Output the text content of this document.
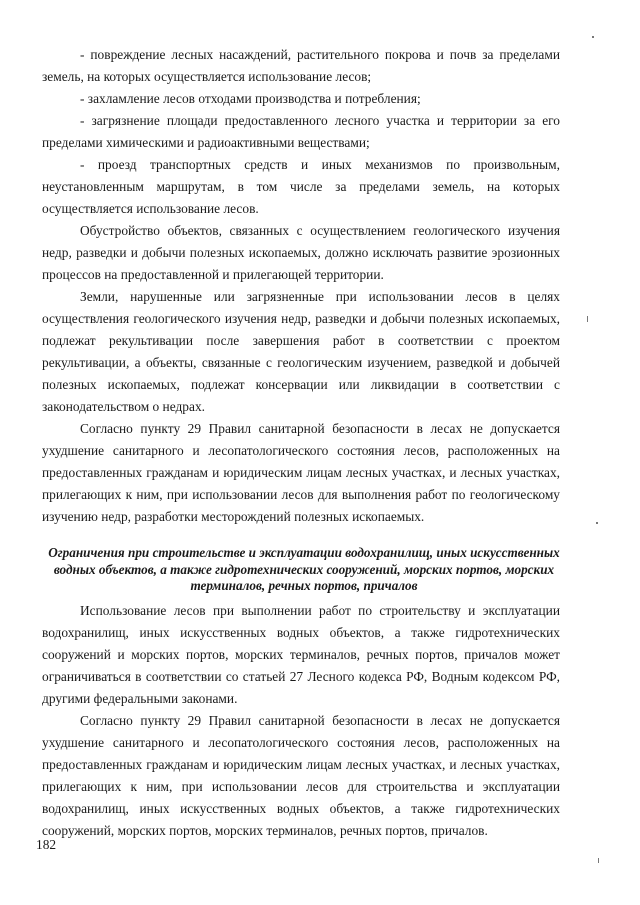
- повреждение лесных насаждений, растительного покрова и почв за пределами земель, на которых осуществляется использование лесов;

- захламление лесов отходами производства и потребления;

- загрязнение площади предоставленного лесного участка и территории за его пределами химическими и радиоактивными веществами;

- проезд транспортных средств и иных механизмов по произвольным, неустановленным маршрутам, в том числе за пределами земель, на которых осуществляется использование лесов.

Обустройство объектов, связанных с осуществлением геологического изучения недр, разведки и добычи полезных ископаемых, должно исключать развитие эрозионных процессов на предоставленной и прилегающей территории.

Земли, нарушенные или загрязненные при использовании лесов в целях осуществления геологического изучения недр, разведки и добычи полезных ископаемых, подлежат рекультивации после завершения работ в соответствии с проектом рекультивации, а объекты, связанные с геологическим изучением, разведкой и добычей полезных ископаемых, подлежат консервации или ликвидации в соответствии с законодательством о недрах.

Согласно пункту 29 Правил санитарной безопасности в лесах не допускается ухудшение санитарного и лесопатологического состояния лесов, расположенных на предоставленных гражданам и юридическим лицам лесных участках, и лесных участках, прилегающих к ним, при использовании лесов для выполнения работ по геологическому изучению недр, разработки месторождений полезных ископаемых.

Ограничения при строительстве и эксплуатации водохранилищ, иных искусственных водных объектов, а также гидротехнических сооружений, морских портов, морских терминалов, речных портов, причалов

Использование лесов при выполнении работ по строительству и эксплуатации водохранилищ, иных искусственных водных объектов, а также гидротехнических сооружений и морских портов, морских терминалов, речных портов, причалов может ограничиваться в соответствии со статьей 27 Лесного кодекса РФ, Водным кодексом РФ, другими федеральными законами.

Согласно пункту 29 Правил санитарной безопасности в лесах не допускается ухудшение санитарного и лесопатологического состояния лесов, расположенных на предоставленных гражданам и юридическим лицам лесных участках, и лесных участках, прилегающих к ним, при использовании лесов для строительства и эксплуатации водохранилищ, иных искусственных водных объектов, а также гидротехнических сооружений, морских портов, морских терминалов, речных портов, причалов.

182
